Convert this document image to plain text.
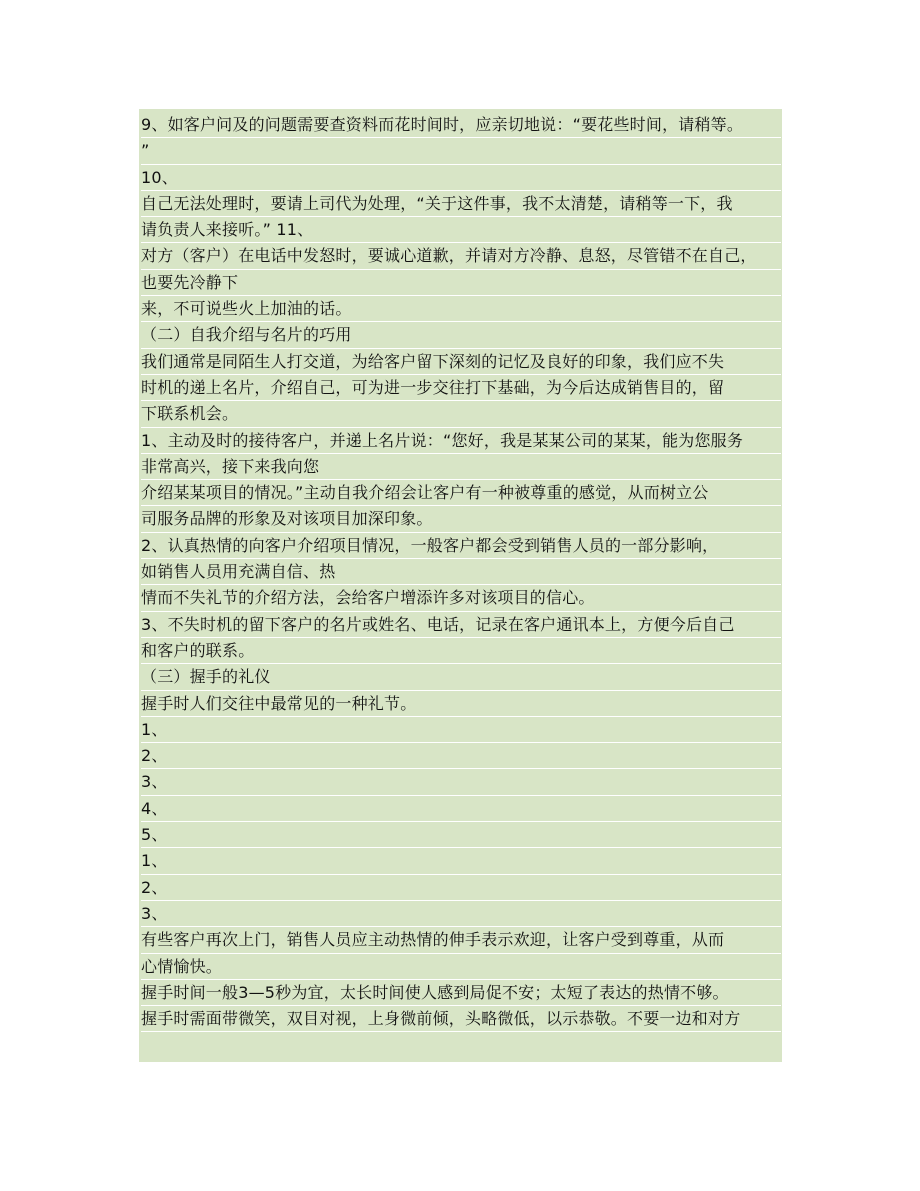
9、如客户问及的问题需要查资料而花时间时，应亲切地说：“要花些时间，请稍等。
”
10、
自己无法处理时，要请上司代为处理，“关于这件事，我不太清楚，请稍等一下，我
请负责人来接听。” 11、
对方（客户）在电话中发怒时，要诚心道歉，并请对方冷静、息怒，尽管错不在自己，
也要先冷静下
来，不可说些火上加油的话。
（二）自我介绍与名片的巧用
我们通常是同陌生人打交道，为给客户留下深刻的记忆及良好的印象，我们应不失
时机的递上名片，介绍自己，可为进一步交往打下基础，为今后达成销售目的，留
下联系机会。
1、主动及时的接待客户，并递上名片说：“您好，我是某某公司的某某，能为您服务
非常高兴，接下来我向您
介绍某某项目的情况。”主动自我介绍会让客户有一种被尊重的感觉，从而树立公
司服务品牌的形象及对该项目加深印象。
2、认真热情的向客户介绍项目情况，一般客户都会受到销售人员的一部分影响，
如销售人员用充满自信、热
情而不失礼节的介绍方法，会给客户增添许多对该项目的信心。
3、不失时机的留下客户的名片或姓名、电话，记录在客户通讯本上，方便今后自己
和客户的联系。
（三）握手的礼仪
握手时人们交往中最常见的一种礼节。
1、
2、
3、
4、
5、
1、
2、
3、
有些客户再次上门，销售人员应主动热情的伸手表示欢迎，让客户受到尊重，从而
心情愉快。
握手时间一般3—5秒为宜，太长时间使人感到局促不安；太短了表达的热情不够。
握手时需面带微笑，双目对视，上身微前倾，头略微低，以示恭敬。不要一边和对方
